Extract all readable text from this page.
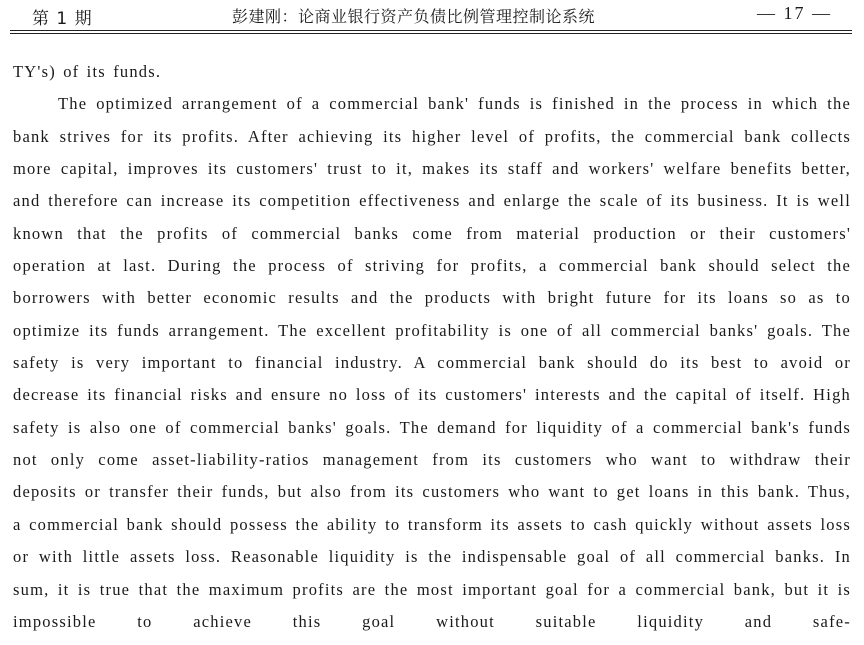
第 1 期	彭建刚：论商业银行资产负债比例管理控制论系统	— 17 —

TY's) of its funds.

The optimized arrangement of a commercial bank' funds is finished in the process in which the bank strives for its profits. After achieving its higher level of profits, the commercial bank collects more capital, improves its customers' trust to it, makes its staff and workers' welfare benefits better, and therefore can increase its competition effectiveness and enlarge the scale of its business. It is well known that the profits of commercial banks come from material production or their customers' operation at last. During the process of striving for profits, a commercial bank should select the borrowers with better economic results and the products with bright future for its loans so as to optimize its funds arrangement. The excellent profitability is one of all commercial banks' goals. The safety is very important to financial industry. A commercial bank should do its best to avoid or decrease its financial risks and ensure no loss of its customers' interests and the capital of itself. High safety is also one of commercial banks' goals. The demand for liquidity of a commercial bank's funds not only come asset-liability-ratios management from its customers who want to withdraw their deposits or transfer their funds, but also from its customers who want to get loans in this bank. Thus, a commercial bank should possess the ability to transform its assets to cash quickly without assets loss or with little assets loss. Reasonable liquidity is the indispensable goal of all commercial banks. In sum, it is true that the maximum profits are the most important goal for a commercial bank, but it is impossible to achieve this goal without suitable liquidity and safe-
